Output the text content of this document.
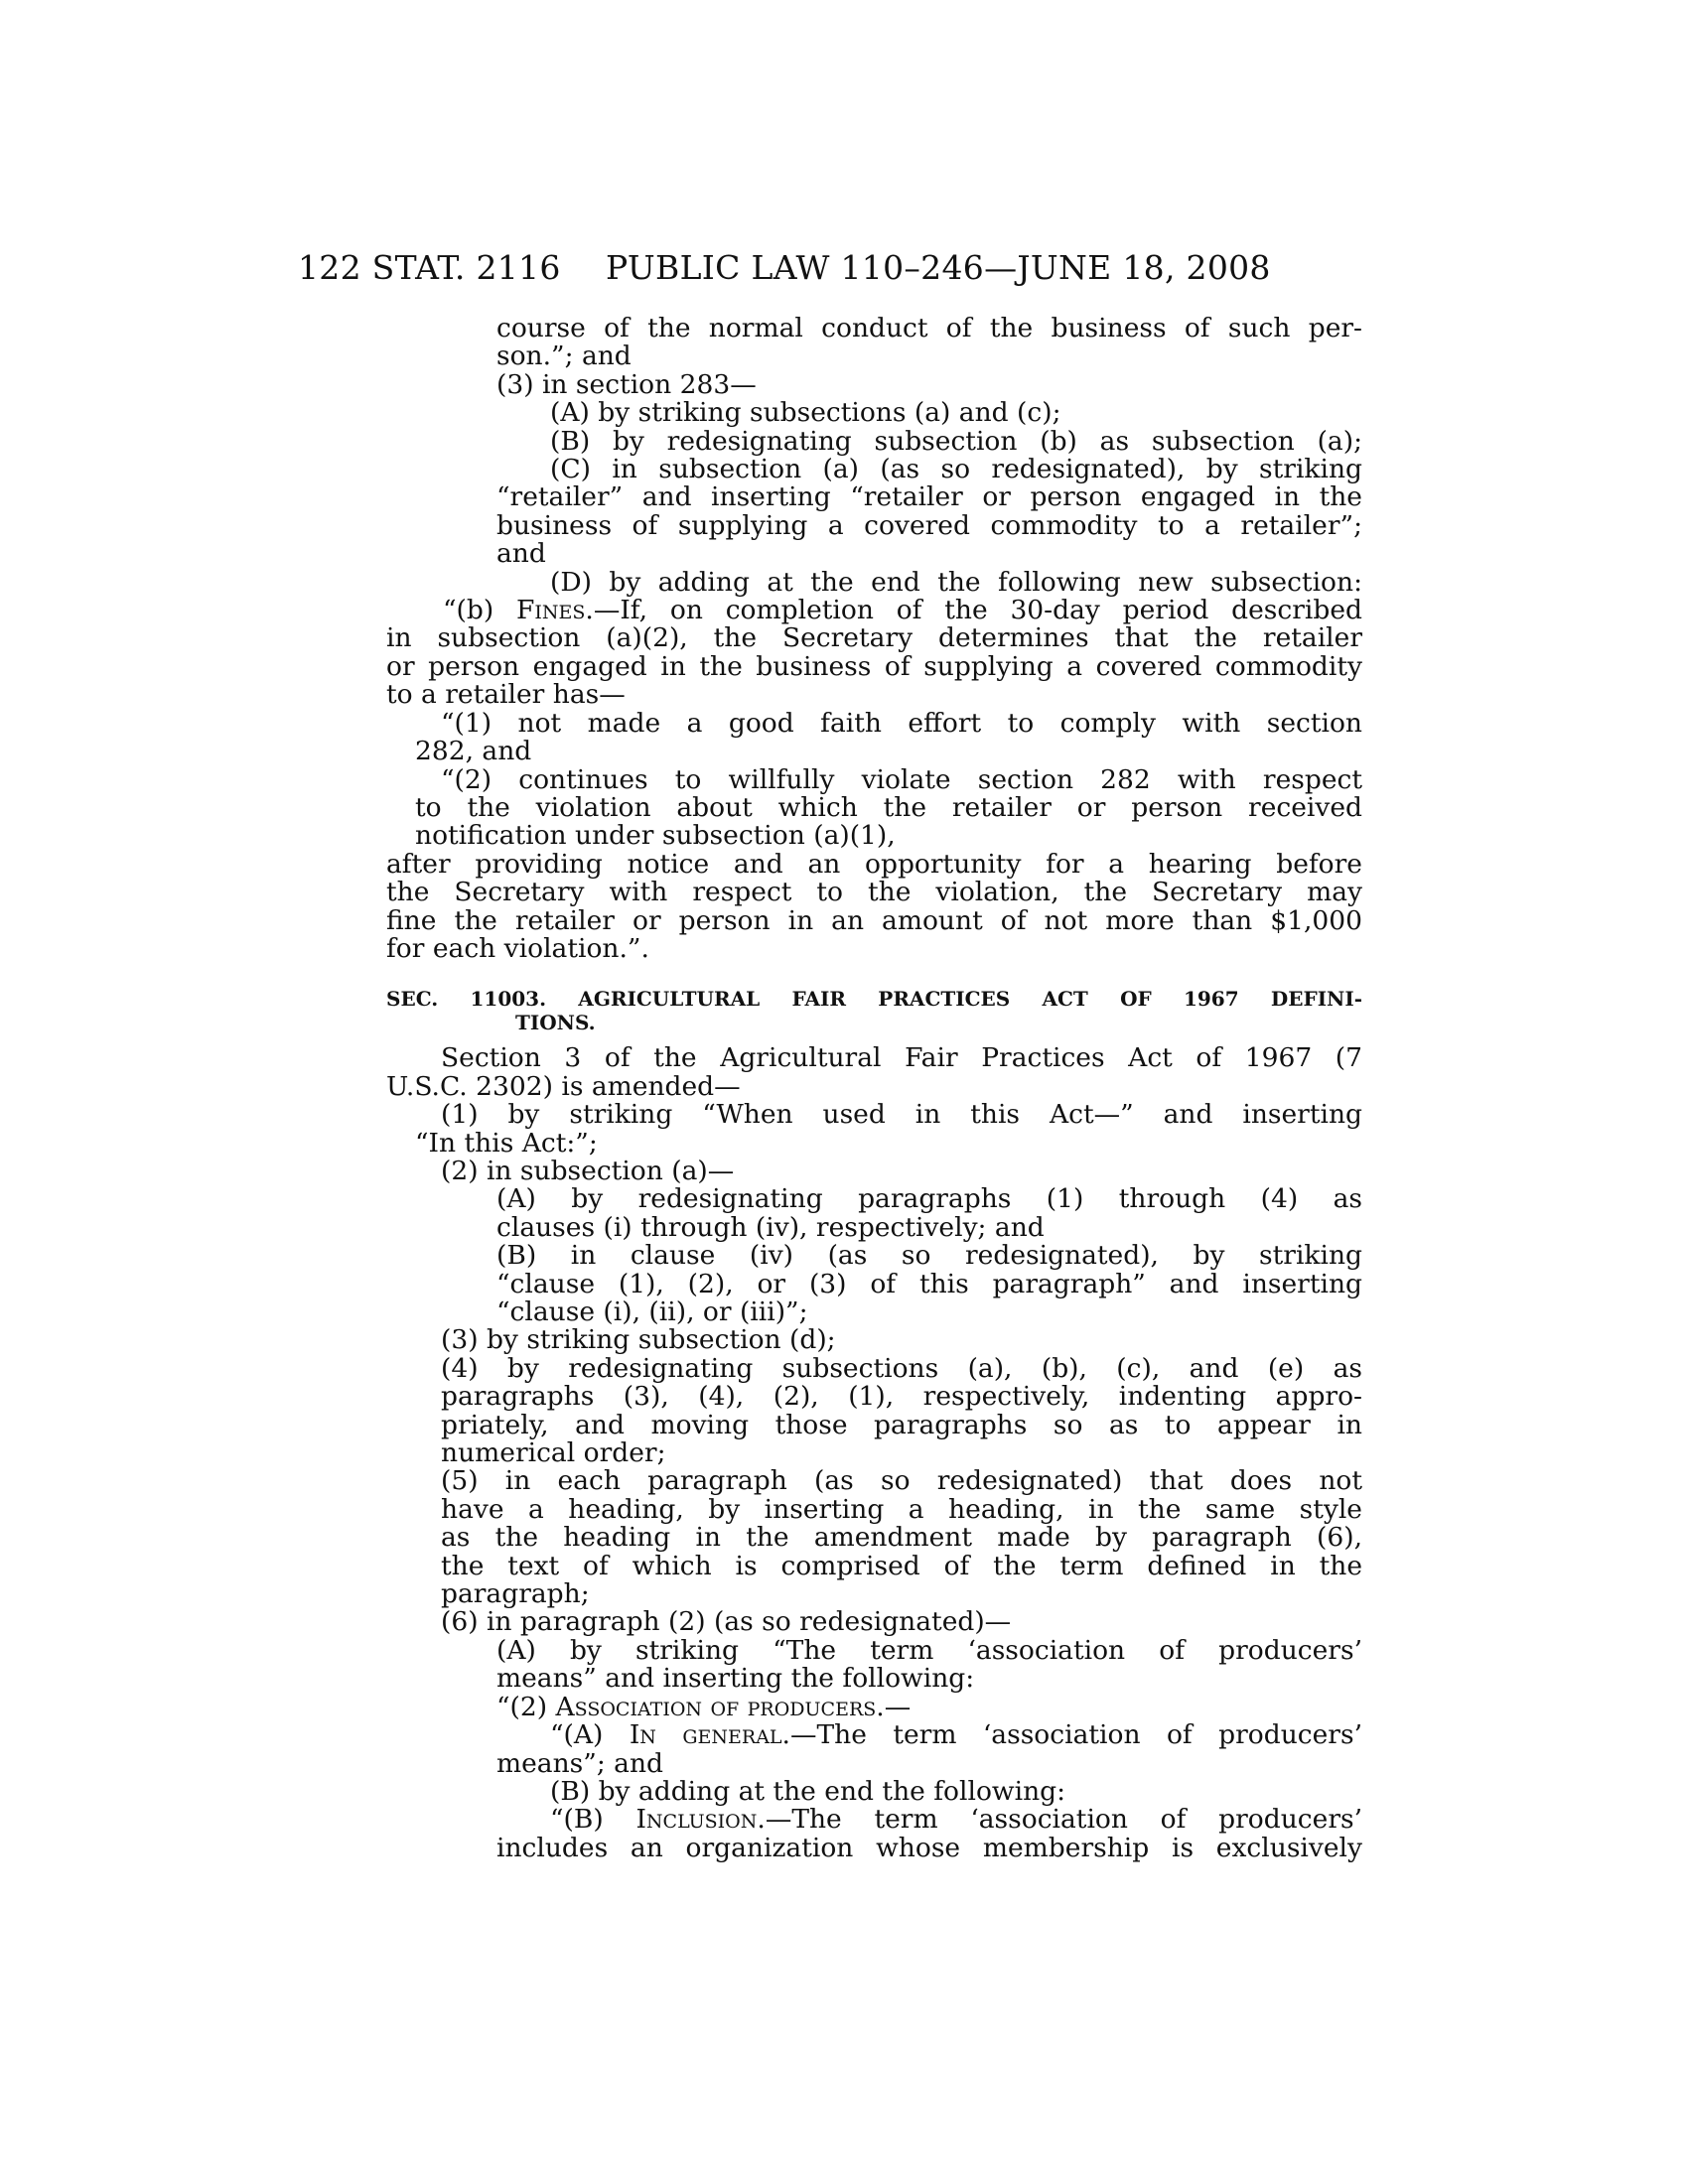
122 STAT. 2116 PUBLIC LAW 110–246—JUNE 18, 2008
course of the normal conduct of the business of such per-
son.”; and
(3) in section 283—
(A) by striking subsections (a) and (c);
(B) by redesignating subsection (b) as subsection (a);
(C) in subsection (a) (as so redesignated), by striking
“retailer” and inserting “retailer or person engaged in the
business of supplying a covered commodity to a retailer”;
and
(D) by adding at the end the following new subsection:
“(b) Fines.—If, on completion of the 30-day period described
in subsection (a)(2), the Secretary determines that the retailer
or person engaged in the business of supplying a covered commodity
to a retailer has—
“(1) not made a good faith effort to comply with section
282, and
“(2) continues to willfully violate section 282 with respect
to the violation about which the retailer or person received
notification under subsection (a)(1),
after providing notice and an opportunity for a hearing before
the Secretary with respect to the violation, the Secretary may
fine the retailer or person in an amount of not more than $1,000
for each violation.”.
SEC. 11003. AGRICULTURAL FAIR PRACTICES ACT OF 1967 DEFINI-
TIONS.
Section 3 of the Agricultural Fair Practices Act of 1967 (7
U.S.C. 2302) is amended—
(1) by striking “When used in this Act—” and inserting
“In this Act:”;
(2) in subsection (a)—
(A) by redesignating paragraphs (1) through (4) as
clauses (i) through (iv), respectively; and
(B) in clause (iv) (as so redesignated), by striking
“clause (1), (2), or (3) of this paragraph” and inserting
“clause (i), (ii), or (iii)”;
(3) by striking subsection (d);
(4) by redesignating subsections (a), (b), (c), and (e) as
paragraphs (3), (4), (2), (1), respectively, indenting appro-
priately, and moving those paragraphs so as to appear in
numerical order;
(5) in each paragraph (as so redesignated) that does not
have a heading, by inserting a heading, in the same style
as the heading in the amendment made by paragraph (6),
the text of which is comprised of the term defined in the
paragraph;
(6) in paragraph (2) (as so redesignated)—
(A) by striking “The term ‘association of producers’
means” and inserting the following:
“(2) Association of producers.—
“(A) In general.—The term ‘association of producers’
means”; and
(B) by adding at the end the following:
“(B) Inclusion.—The term ‘association of producers’
includes an organization whose membership is exclusively
